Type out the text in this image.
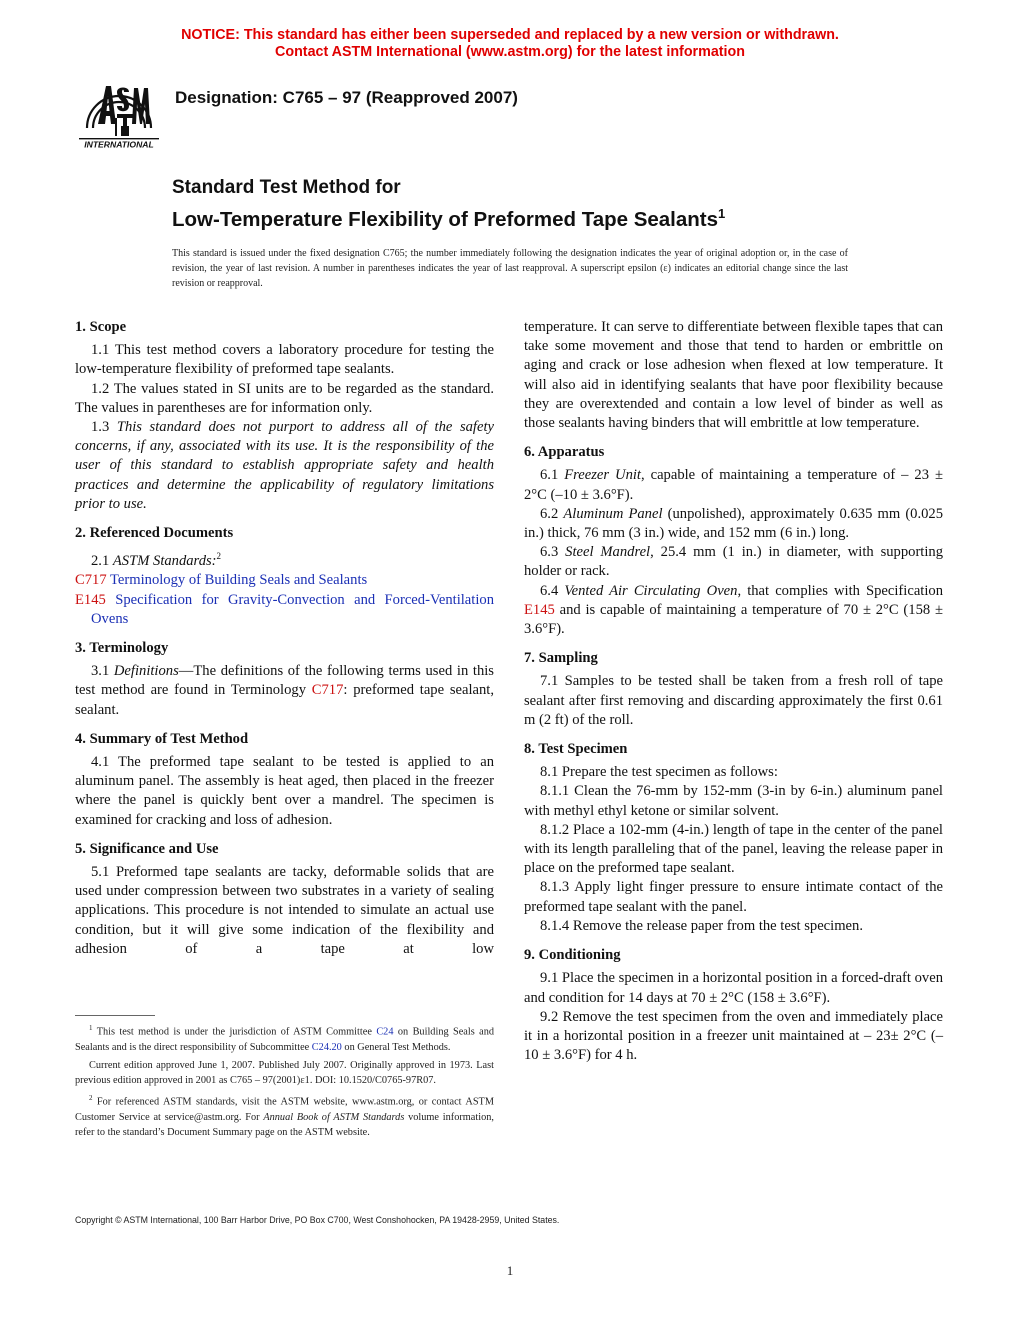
NOTICE: This standard has either been superseded and replaced by a new version or withdrawn.
Contact ASTM International (www.astm.org) for the latest information
INTERNATIONAL
Designation: C765 – 97 (Reapproved 2007)
Standard Test Method for
Low-Temperature Flexibility of Preformed Tape Sealants$^1$
This standard is issued under the fixed designation C765; the number immediately following the designation indicates the year of original adoption or, in the case of revision, the year of last revision. A number in parentheses indicates the year of last reapproval. A superscript epsilon (ε) indicates an editorial change since the last revision or reapproval.
1. Scope

1.1 This test method covers a laboratory procedure for testing the low-temperature flexibility of preformed tape sealants.

1.2 The values stated in SI units are to be regarded as the standard. The values in parentheses are for information only.

1.3 This standard does not purport to address all of the safety concerns, if any, associated with its use. It is the responsibility of the user of this standard to establish appropriate safety and health practices and determine the applicability of regulatory limitations prior to use.

2. Referenced Documents

2.1 ASTM Standards:$^2$

C717 Terminology of Building Seals and Sealants

E145 Specification for Gravity-Convection and Forced-Ventilation Ovens

3. Terminology

3.1 Definitions—The definitions of the following terms used in this test method are found in Terminology C717: preformed tape sealant, sealant.

4. Summary of Test Method

4.1 The preformed tape sealant to be tested is applied to an aluminum panel. The assembly is heat aged, then placed in the freezer where the panel is quickly bent over a mandrel. The specimen is examined for cracking and loss of adhesion.

5. Significance and Use

5.1 Preformed tape sealants are tacky, deformable solids that are used under compression between two substrates in a variety of sealing applications. This procedure is not intended to simulate an actual use condition, but it will give some indication of the flexibility and adhesion of a tape at low

$^1$ This test method is under the jurisdiction of ASTM Committee C24 on Building Seals and Sealants and is the direct responsibility of Subcommittee C24.20 on General Test Methods.

Current edition approved June 1, 2007. Published July 2007. Originally approved in 1973. Last previous edition approved in 2001 as C765 – 97(2001)ε1. DOI: 10.1520/C0765-97R07.

$^2$ For referenced ASTM standards, visit the ASTM website, www.astm.org, or contact ASTM Customer Service at service@astm.org. For Annual Book of ASTM Standards volume information, refer to the standard’s Document Summary page on the ASTM website.

temperature. It can serve to differentiate between flexible tapes that can take some movement and those that tend to harden or embrittle on aging and crack or lose adhesion when flexed at low temperature. It will also aid in identifying sealants that have poor flexibility because they are overextended and contain a low level of binder as well as those sealants having binders that will embrittle at low temperature.

6. Apparatus

6.1 Freezer Unit, capable of maintaining a temperature of – 23 ± 2°C (–10 ± 3.6°F).

6.2 Aluminum Panel (unpolished), approximately 0.635 mm (0.025 in.) thick, 76 mm (3 in.) wide, and 152 mm (6 in.) long.

6.3 Steel Mandrel, 25.4 mm (1 in.) in diameter, with supporting holder or rack.

6.4 Vented Air Circulating Oven, that complies with Specification E145 and is capable of maintaining a temperature of 70 ± 2°C (158 ± 3.6°F).

7. Sampling

7.1 Samples to be tested shall be taken from a fresh roll of tape sealant after first removing and discarding approximately the first 0.61 m (2 ft) of the roll.

8. Test Specimen

8.1 Prepare the test specimen as follows:

8.1.1 Clean the 76-mm by 152-mm (3-in by 6-in.) aluminum panel with methyl ethyl ketone or similar solvent.

8.1.2 Place a 102-mm (4-in.) length of tape in the center of the panel with its length paralleling that of the panel, leaving the release paper in place on the preformed tape sealant.

8.1.3 Apply light finger pressure to ensure intimate contact of the preformed tape sealant with the panel.

8.1.4 Remove the release paper from the test specimen.

9. Conditioning

9.1 Place the specimen in a horizontal position in a forced-draft oven and condition for 14 days at 70 ± 2°C (158 ± 3.6°F).

9.2 Remove the test specimen from the oven and immediately place it in a horizontal position in a freezer unit maintained at – 23± 2°C (–10 ± 3.6°F) for 4 h.

Copyright © ASTM International, 100 Barr Harbor Drive, PO Box C700, West Conshohocken, PA 19428-2959, United States.
1
